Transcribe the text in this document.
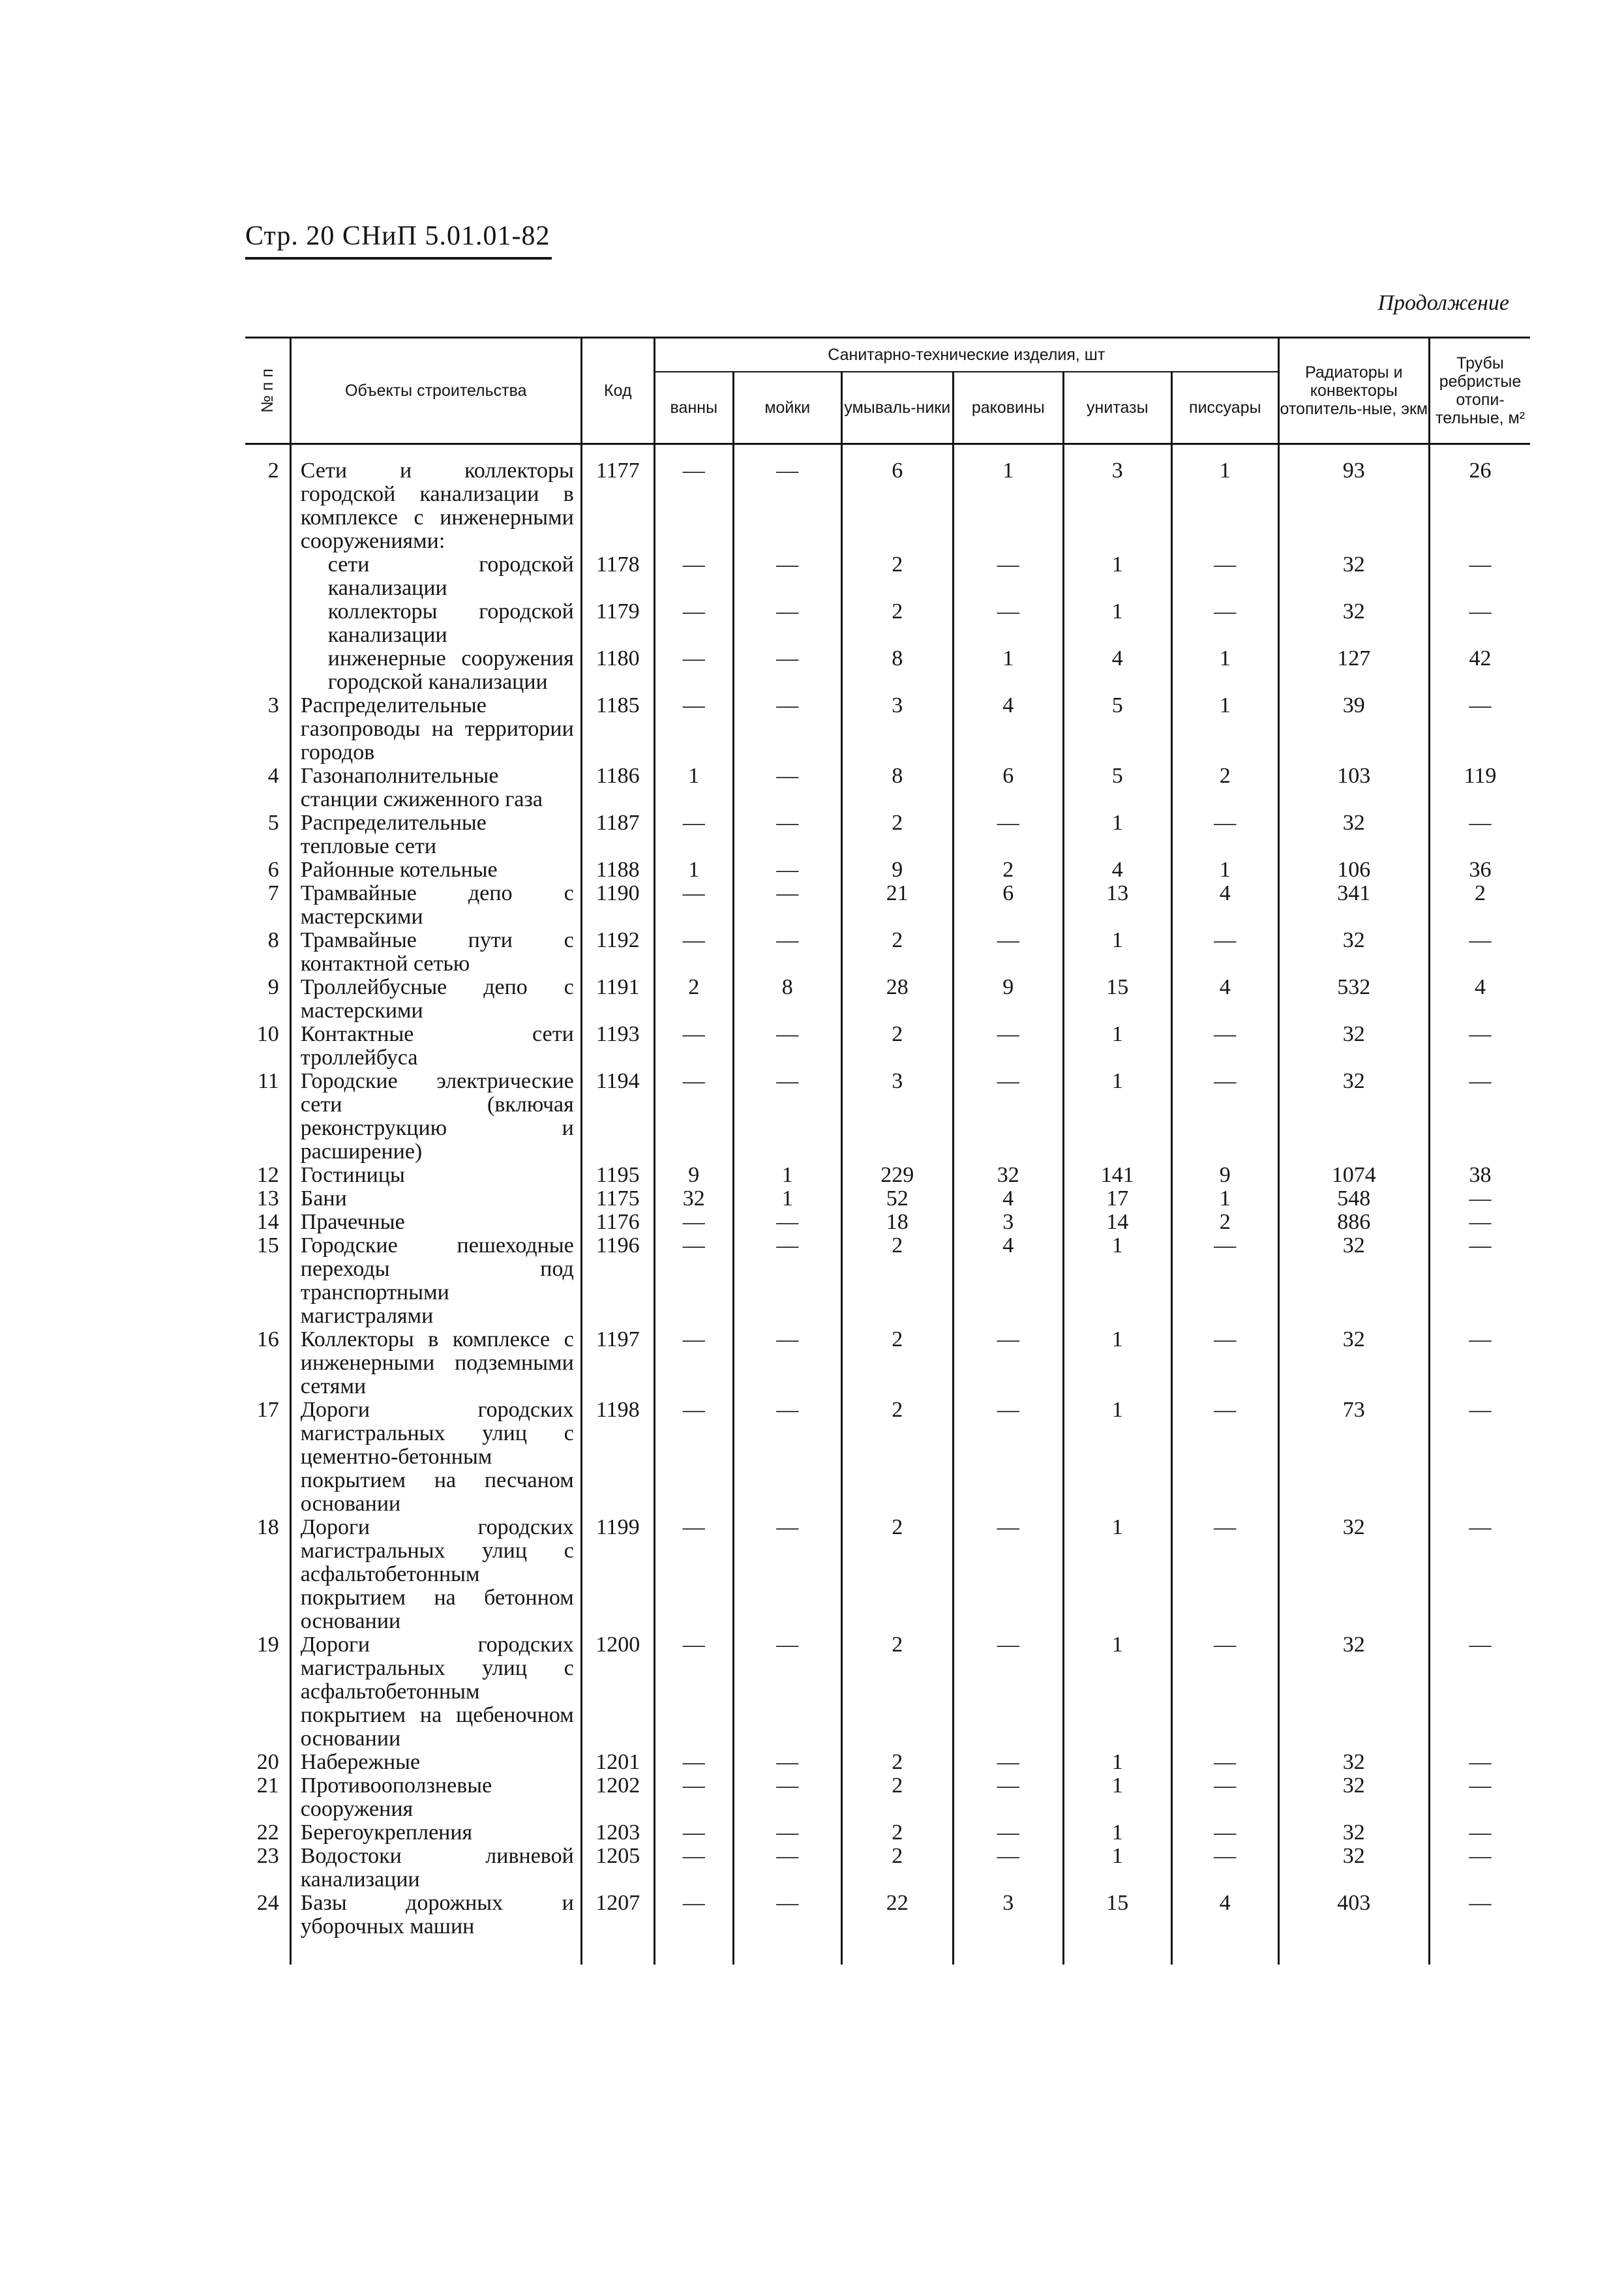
Стр. 20 СНиП 5.01.01-82
Продолжение
№ п п	Объекты строительства	Код	Санитарно-технические изделия, шт						Радиаторы и конвекторы отопитель-ные, экм	Трубы ребристые отопи-тельные, м²
			ванны	мойки	умываль-ники	раковины	унитазы	писсуары		

2	Сети и коллекторы городской канализации в комплексе с инженерными сооружениями:	1177	—	—	6	1	3	1	93	26
	сети городской канализации	1178	—	—	2	—	1	—	32	—
	коллекторы городской канализации	1179	—	—	2	—	1	—	32	—
	инженерные сооружения городской канализации	1180	—	—	8	1	4	1	127	42
3	Распределительные газопроводы на территории городов	1185	—	—	3	4	5	1	39	—
4	Газонаполнительные станции сжиженного газа	1186	1	—	8	6	5	2	103	119
5	Распределительные тепловые сети	1187	—	—	2	—	1	—	32	—
6	Районные котельные	1188	1	—	9	2	4	1	106	36
7	Трамвайные депо с мастерскими	1190	—	—	21	6	13	4	341	2
8	Трамвайные пути с контактной сетью	1192	—	—	2	—	1	—	32	—
9	Троллейбусные депо с мастерскими	1191	2	8	28	9	15	4	532	4
10	Контактные сети троллейбуса	1193	—	—	2	—	1	—	32	—
11	Городские электрические сети (включая реконструкцию и расширение)	1194	—	—	3	—	1	—	32	—
12	Гостиницы	1195	9	1	229	32	141	9	1074	38
13	Бани	1175	32	1	52	4	17	1	548	—
14	Прачечные	1176	—	—	18	3	14	2	886	—
15	Городские пешеходные переходы под транспортными магистралями	1196	—	—	2	4	1	—	32	—
16	Коллекторы в комплексе с инженерными подземными сетями	1197	—	—	2	—	1	—	32	—
17	Дороги городских магистральных улиц с цементно-бетонным покрытием на песчаном основании	1198	—	—	2	—	1	—	73	—
18	Дороги городских магистральных улиц с асфальтобетонным покрытием на бетонном основании	1199	—	—	2	—	1	—	32	—
19	Дороги городских магистральных улиц с асфальтобетонным покрытием на щебеночном основании	1200	—	—	2	—	1	—	32	—
20	Набережные	1201	—	—	2	—	1	—	32	—
21	Противооползневые сооружения	1202	—	—	2	—	1	—	32	—
22	Берегоукрепления	1203	—	—	2	—	1	—	32	—
23	Водостоки ливневой канализации	1205	—	—	2	—	1	—	32	—
24	Базы дорожных и уборочных машин	1207	—	—	22	3	15	4	403	—
